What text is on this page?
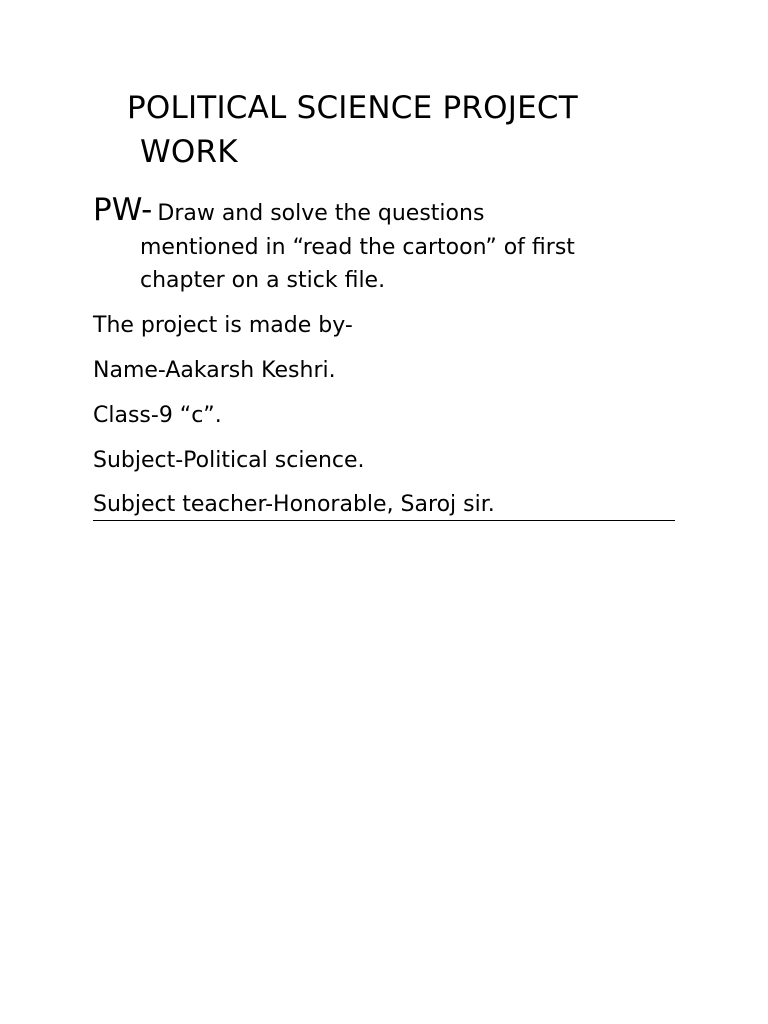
POLITICAL SCIENCE PROJECT
WORK

PW- Draw and solve the questions
mentioned in “read the cartoon” of first
chapter on a stick file.

The project is made by-

Name-Aakarsh Keshri.

Class-9 “c”.

Subject-Political science.

Subject teacher-Honorable, Saroj sir.
